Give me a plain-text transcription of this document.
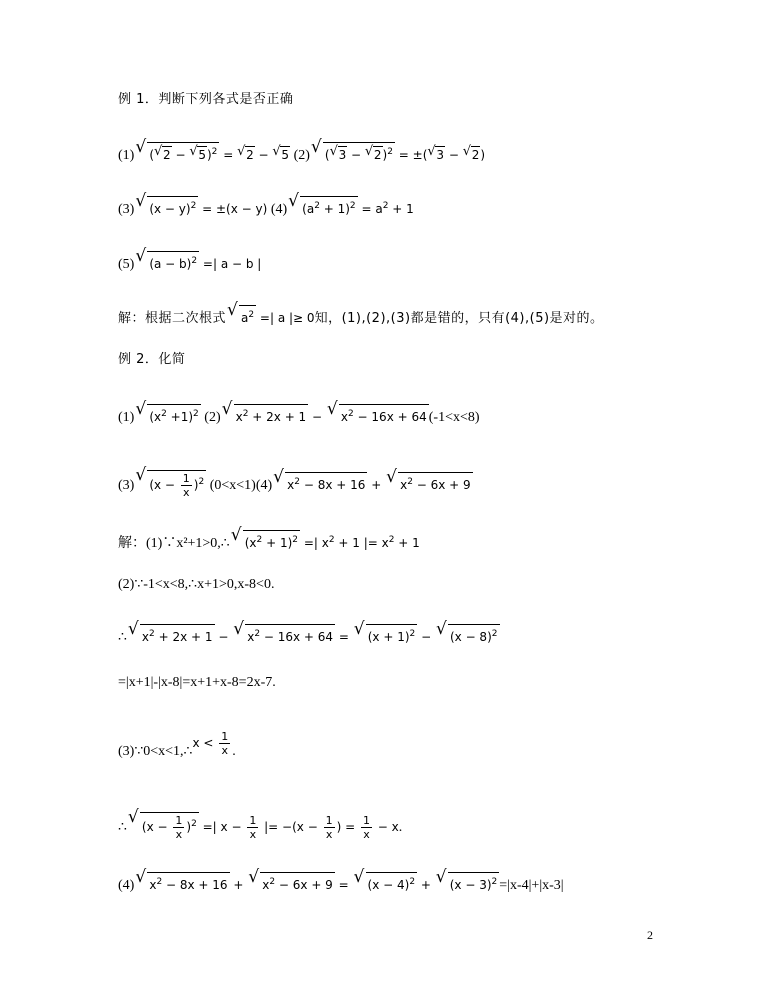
例 1．判断下列各式是否正确
(1) √ ( √ 2 − √ 5)$^2$ = √ 2 − √ 5 (2) √ ( √ 3 − √ 2)$^2$ = ±( √ 3 − √ 2)
(3) √ $(x - y)^2 = \pm(x - y)$ (4) √ $(a^2 + 1)^2 = a^2 + 1$
(5) √ $(a - b)^2$ =| a − b |
解：根据二次根式 √ $a^2$ =| a |≥ 0知，(1),(2),(3)都是错的，只有(4),(5)是对的。
例 2．化简
(1) √ $(x^2 +1)^2$ (2) √ $x^2 + 2x + 1$ − √ $x^2 - 16x + 64$ (-1<x<8)
(3) √ $(x - \frac{1}{x} )^2$ (0<x<1)(4) √ $x^2 - 8x + 16$ + √ $x^2 - 6x + 9$
解：(1)∵x²+1>0,∴ √ $(x^2 + 1)^2$ =| $x^2 + 1$ |= $x^2 + 1$
(2)∵-1<x<8,∴x+1>0,x-8<0.
∴ √ $x^2 + 2x + 1$ − √ $x^2 - 16x + 64$ = √ $(x + 1)^2$ − √ $(x - 8)^2$
=|x+1|-|x-8|=x+1+x-8=2x-7.
(3)∵0<x<1,∴x < $\frac{1}{x}$ .
∴ √ $(x - \frac{1}{x} )^2$ =| $x - \frac{1}{x}$ |= $-(x - \frac{1}{x}$ ) = $\frac{1}{x} - x$.
(4) √ $x^2 - 8x + 16$ + √ $x^2 - 6x + 9$ = √ $(x - 4)^2$ + √ $(x - 3)^2 =|x-4|+|x-3|$
2
